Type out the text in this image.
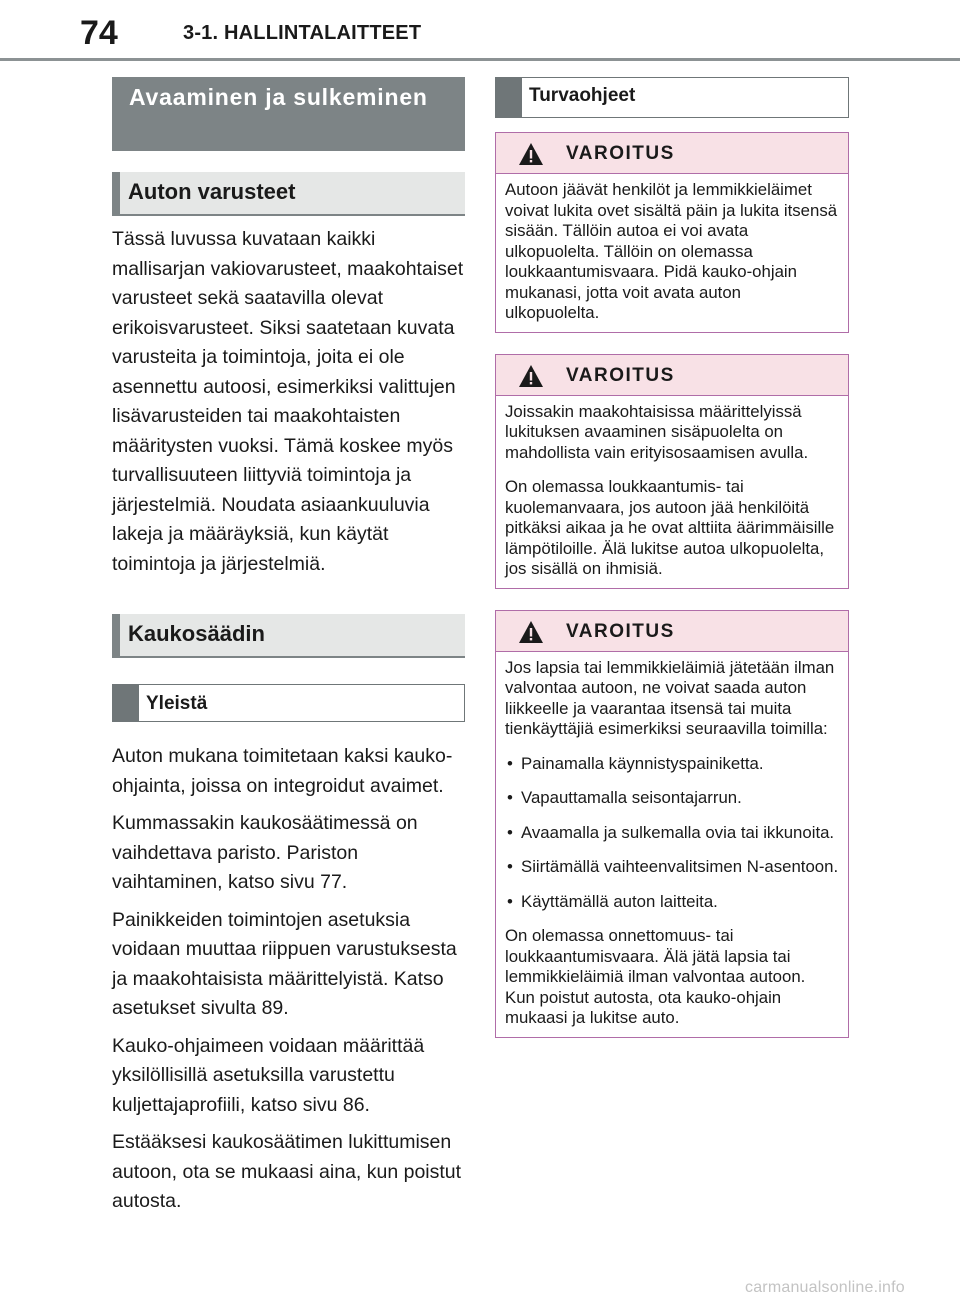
74	3-1. HALLINTALAITTEET
Avaaminen ja sulkeminen
Auton varusteet

Tässä luvussa kuvataan kaikki mallisarjan vakiovarusteet, maakohtaiset varusteet sekä saatavilla olevat erikoisvarusteet. Siksi saatetaan kuvata varusteita ja toimintoja, joita ei ole asennettu autoosi, esimerkiksi valittujen lisävarusteiden tai maakohtaisten määritysten vuoksi. Tämä koskee myös turvallisuuteen liittyviä toimintoja ja järjestelmiä. Noudata asiaankuuluvia lakeja ja määräyksiä, kun käytät toimintoja ja järjestelmiä.

Kaukosäädin
Yleistä

Auton mukana toimitetaan kaksi kauko-ohjainta, joissa on integroidut avaimet.

Kummassakin kaukosäätimessä on vaihdettava paristo. Pariston vaihtaminen, katso sivu 77.

Painikkeiden toimintojen asetuksia voidaan muuttaa riippuen varustuksesta ja maakohtaisista määrittelyistä. Katso asetukset sivulta 89.

Kauko-ohjaimeen voidaan määrittää yksilöllisillä asetuksilla varustettu kuljettajaprofiili, katso sivu 86.

Estääksesi kaukosäätimen lukittumisen autoon, ota se mukaasi aina, kun poistut autosta.

Turvaohjeet
VAROITUS

Autoon jäävät henkilöt ja lemmikkieläimet voivat lukita ovet sisältä päin ja lukita itsensä sisään. Tällöin autoa ei voi avata ulkopuolelta. Tällöin on olemassa loukkaantumisvaara. Pidä kauko-ohjain mukanasi, jotta voit avata auton ulkopuolelta.

VAROITUS

Joissakin maakohtaisissa määrittelyissä lukituksen avaaminen sisäpuolelta on mahdollista vain erityisosaamisen avulla.

On olemassa loukkaantumis- tai kuolemanvaara, jos autoon jää henkilöitä pitkäksi aikaa ja he ovat alttiita äärimmäisille lämpötiloille. Älä lukitse autoa ulkopuolelta, jos sisällä on ihmisiä.

VAROITUS

Jos lapsia tai lemmikkieläimiä jätetään ilman valvontaa autoon, ne voivat saada auton liikkeelle ja vaarantaa itsensä tai muita tienkäyttäjiä esimerkiksi seuraavilla toimilla:

• Painamalla käynnistyspainiketta.
• Vapauttamalla seisontajarrun.
• Avaamalla ja sulkemalla ovia tai ikkunoita.
• Siirtämällä vaihteenvalitsimen N-asentoon.
• Käyttämällä auton laitteita.

On olemassa onnettomuus- tai loukkaantumisvaara. Älä jätä lapsia tai lemmikkieläimiä ilman valvontaa autoon. Kun poistut autosta, ota kauko-ohjain mukaasi ja lukitse auto.

carmanualsonline.info
